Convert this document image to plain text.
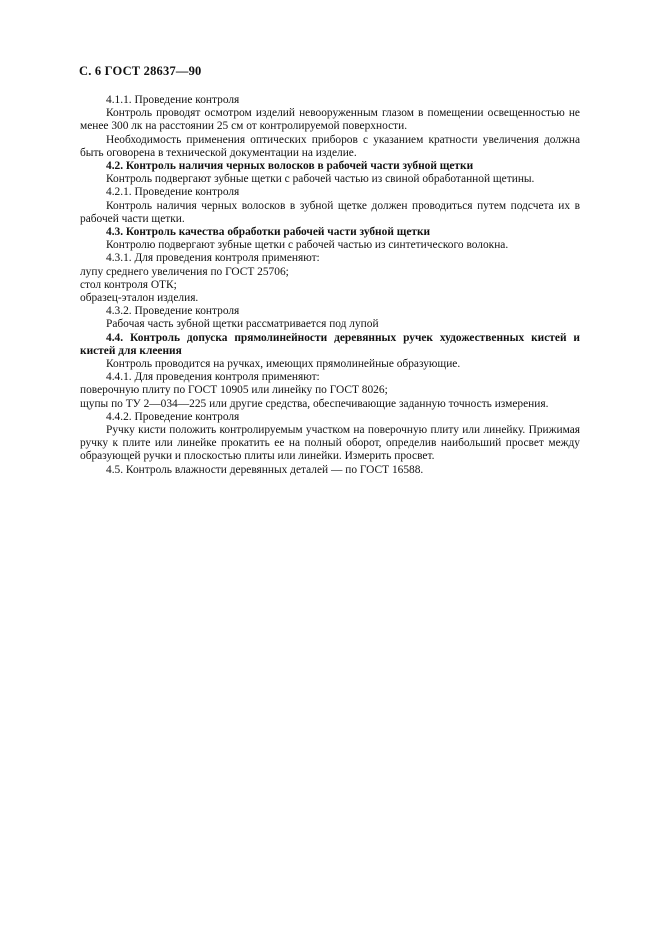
С. 6 ГОСТ 28637—90

4.1.1. Проведение контроля

Контроль проводят осмотром изделий невооруженным глазом в помещении освещенностью не менее 300 лк на расстоянии 25 см от контролируемой поверхности.

Необходимость применения оптических приборов с указанием кратности увеличения должна быть оговорена в технической документации на изделие.

4.2. Контроль наличия черных волосков в рабочей части зубной щетки

Контроль подвергают зубные щетки с рабочей частью из свиной обработанной щетины.

4.2.1. Проведение контроля

Контроль наличия черных волосков в зубной щетке должен проводиться путем подсчета их в рабочей части щетки.

4.3. Контроль качества обработки рабочей части зубной щетки

Контролю подвергают зубные щетки с рабочей частью из синтетического волокна.

4.3.1. Для проведения контроля применяют:

лупу среднего увеличения по ГОСТ 25706;

стол контроля ОТК;

образец-эталон изделия.

4.3.2. Проведение контроля

Рабочая часть зубной щетки рассматривается под лупой

4.4. Контроль допуска прямолинейности деревянных ручек художественных кистей и кистей для клеения

Контроль проводится на ручках, имеющих прямолинейные образующие.

4.4.1. Для проведения контроля применяют:

поверочную плиту по ГОСТ 10905 или линейку по ГОСТ 8026;

щупы по ТУ 2—034—225 или другие средства, обеспечивающие заданную точность измерения.

4.4.2. Проведение контроля

Ручку кисти положить контролируемым участком на поверочную плиту или линейку. Прижимая ручку к плите или линейке прокатить ее на полный оборот, определив наибольший просвет между образующей ручки и плоскостью плиты или линейки. Измерить просвет.

4.5. Контроль влажности деревянных деталей — по ГОСТ 16588.
